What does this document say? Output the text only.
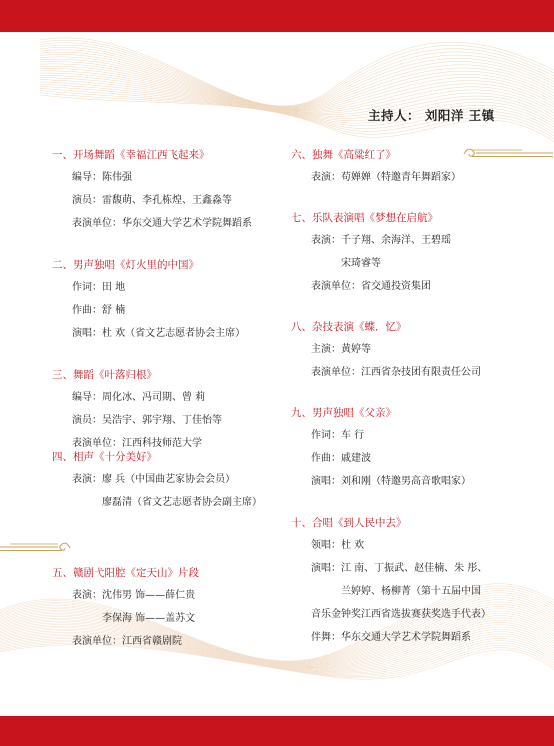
主持人： 刘阳洋 王镇
一、开场舞蹈《幸福江西飞起来》
编导：陈伟强
演员：雷馥萌、李孔栋煌、王鑫淼等
表演单位：华东交通大学艺术学院舞蹈系
二、男声独唱《灯火里的中国》
作词：田 地
作曲：舒 楠
演唱：杜 欢（省文艺志愿者协会主席）
三、舞蹈《叶落归根》
编导：周化冰、冯司期、曾 莉
演员：吴浩宇、郭宇翔、丁佳怡等
表演单位：江西科技师范大学
四、相声《十分美好》
表演：廖 兵（中国曲艺家协会会员）
廖磊清（省文艺志愿者协会副主席）
五、赣剧弋阳腔《定天山》片段
表演：沈伟男 饰——薛仁贵
李保海 饰——盖苏文
表演单位：江西省赣剧院
六、独舞《高粱红了》
表演：苟婵婵（特邀青年舞蹈家）
七、乐队表演唱《梦想在启航》
表演：千子翔、余海洋、王碧瑶
宋琦睿等
表演单位：省交通投资集团
八、杂技表演《蝶．忆》
主演：黄婷等
表演单位：江西省杂技团有限责任公司
九、男声独唱《父亲》
作词：车 行
作曲：戚建波
演唱：刘和刚（特邀男高音歌唱家）
十、合唱《到人民中去》
领唱：杜 欢
演唱：江 南、丁振武、赵佳楠、朱 彤、
兰婷婷、杨柳菁（第十五届中国
音乐金钟奖江西省选拔赛获奖选手代表）
伴舞：华东交通大学艺术学院舞蹈系
